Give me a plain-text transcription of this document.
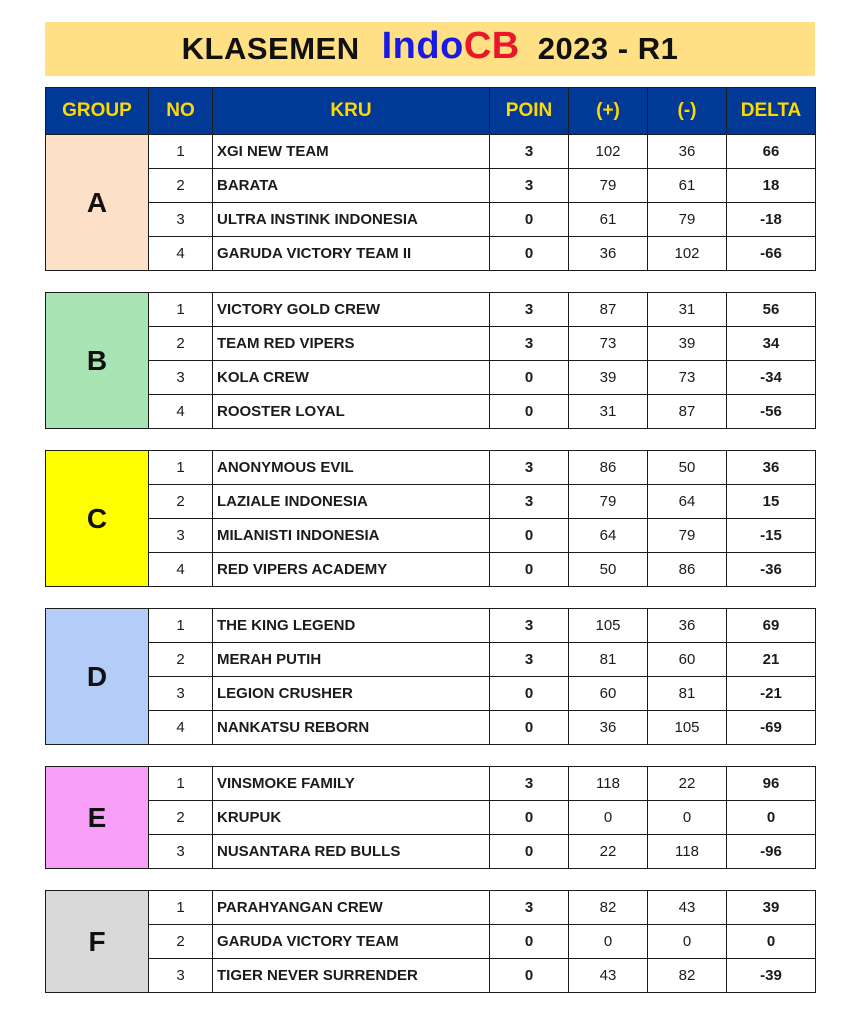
KLASEMEN IndoCB 2023 - R1
GROUP	NO	KRU	POIN	(+)	(-)	DELTA
A	1	XGI NEW TEAM	3	102	36	66
	2	BARATA	3	79	61	18
	3	ULTRA INSTINK INDONESIA	0	61	79	-18
	4	GARUDA VICTORY TEAM II	0	36	102	-66
B	1	VICTORY GOLD CREW	3	87	31	56
	2	TEAM RED VIPERS	3	73	39	34
	3	KOLA CREW	0	39	73	-34
	4	ROOSTER LOYAL	0	31	87	-56
C	1	ANONYMOUS EVIL	3	86	50	36
	2	LAZIALE INDONESIA	3	79	64	15
	3	MILANISTI INDONESIA	0	64	79	-15
	4	RED VIPERS ACADEMY	0	50	86	-36
D	1	THE KING LEGEND	3	105	36	69
	2	MERAH PUTIH	3	81	60	21
	3	LEGION CRUSHER	0	60	81	-21
	4	NANKATSU REBORN	0	36	105	-69
E	1	VINSMOKE FAMILY	3	118	22	96
	2	KRUPUK	0	0	0	0
	3	NUSANTARA RED BULLS	0	22	118	-96
F	1	PARAHYANGAN CREW	3	82	43	39
	2	GARUDA VICTORY TEAM	0	0	0	0
	3	TIGER NEVER SURRENDER	0	43	82	-39
